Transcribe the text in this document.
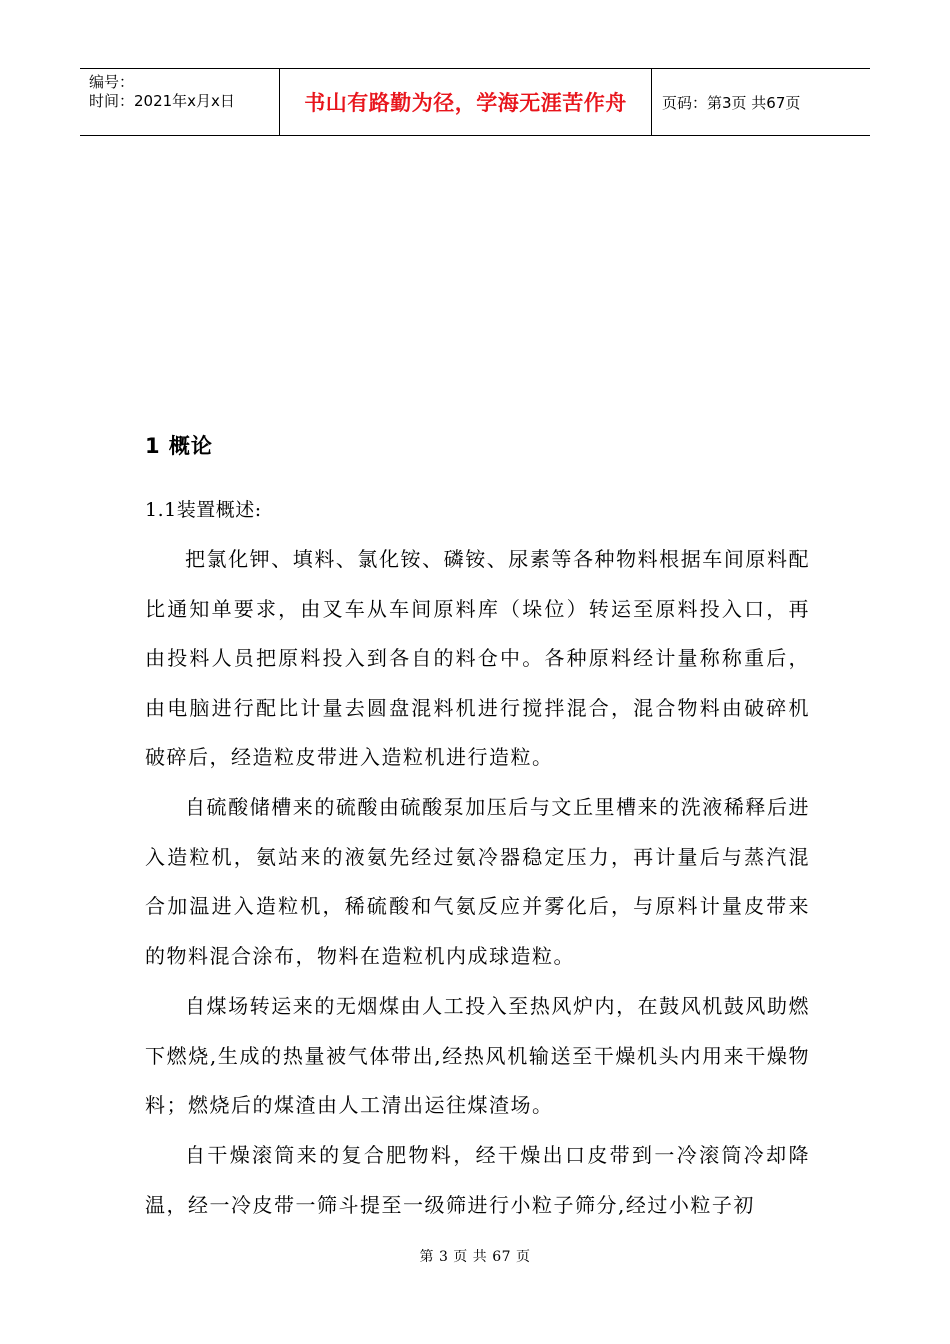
编号：
时间：2021年x月x日	书山有路勤为径，学海无涯苦作舟	页码：第3页 共67页
1 概论
1.1装置概述:

把氯化钾、填料、氯化铵、磷铵、尿素等各种物料根据车间原料配比通知单要求，由叉车从车间原料库（垛位）转运至原料投入口，再由投料人员把原料投入到各自的料仓中。各种原料经计量称称重后，由电脑进行配比计量去圆盘混料机进行搅拌混合，混合物料由破碎机破碎后，经造粒皮带进入造粒机进行造粒。

自硫酸储槽来的硫酸由硫酸泵加压后与文丘里槽来的洗液稀释后进入造粒机，氨站来的液氨先经过氨冷器稳定压力，再计量后与蒸汽混合加温进入造粒机，稀硫酸和气氨反应并雾化后，与原料计量皮带来的物料混合涂布，物料在造粒机内成球造粒。

自煤场转运来的无烟煤由人工投入至热风炉内，在鼓风机鼓风助燃下燃烧,生成的热量被气体带出,经热风机输送至干燥机头内用来干燥物料；燃烧后的煤渣由人工清出运往煤渣场。

自干燥滚筒来的复合肥物料，经干燥出口皮带到一冷滚筒冷却降温，经一冷皮带一筛斗提至一级筛进行小粒子筛分,经过小粒子初

第 3 页 共 67 页
